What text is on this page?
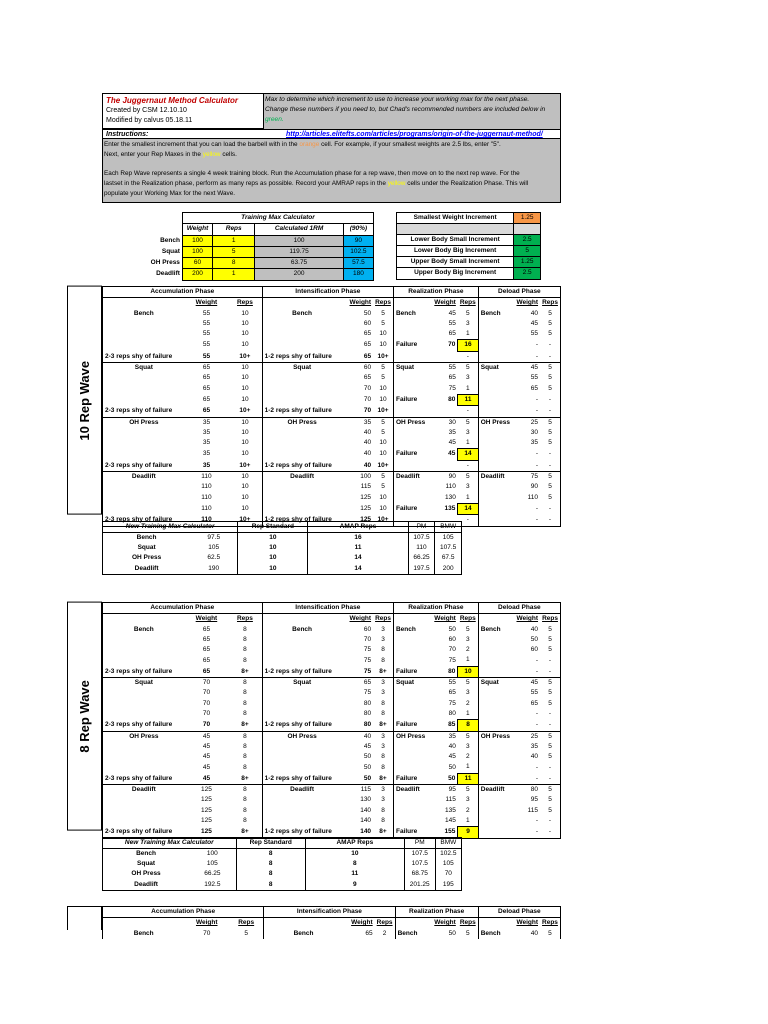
The Juggernaut Method Calculator
Created by CSM 12.10.10
Modified by calvus 05.18.11
Max to determine which increment to use to increase your working max for the next phase.
Change these numbers if you need to, but Chad's recommended numbers are included below in
green.
Instructions:	http://articles.elitefts.com/articles/programs/origin-of-the-juggernaut-method/
Enter the smallest increment that you can load the barbell with in the orange cell. For example, if your smallest weights are 2.5 lbs, enter "5".
Next, enter your Rep Maxes in the yellow cells.
Each Rep Wave represents a single 4 week training block. Run the Accumulation phase for a rep wave, then move on to the next rep wave. For the
lastset in the Realization phase, perform as many reps as possible. Record your AMRAP reps in the yellow cells under the Realization Phase. This will
populate your Working Max for the next Wave.
	Training Max Calculator			
	Weight	Reps	Calculated 1RM	(90%)
Bench	100	1	100	90
Squat	100	5	119.75	102.5
OH Press	60	8	63.75	57.5
Deadlift	200	1	200	180
Smallest Weight Increment	1.25

Lower Body Small Increment	2.5
Lower Body Big Increment	5
Upper Body Small Increment	1.25
Upper Body Big Increment	2.5
10 Rep Wave
Accumulation Phase			Intensification Phase			Realization Phase			Deload Phase		
	Weight	Reps		Weight	Reps		Weight	Reps		Weight	Reps
Bench	55	10	Bench	50	5	Bench	45	5	Bench	40	5
	55	10		60	5		55	3		45	5
	55	10		65	10		65	1		55	5
	55	10		65	10	Failure	70	16		-	-
2-3 reps shy of failure	55	10+	1-2 reps shy of failure	65	10+			-		-	-
Squat	65	10	Squat	60	5	Squat	55	5	Squat	45	5
	65	10		65	5		65	3		55	5
	65	10		70	10		75	1		65	5
	65	10		70	10	Failure	80	11		-	-
2-3 reps shy of failure	65	10+	1-2 reps shy of failure	70	10+			-		-	-
OH Press	35	10	OH Press	35	5	OH Press	30	5	OH Press	25	5
	35	10		40	5		35	3		30	5
	35	10		40	10		45	1		35	5
	35	10		40	10	Failure	45	14		-	-
2-3 reps shy of failure	35	10+	1-2 reps shy of failure	40	10+			-		-	-
Deadlift	110	10	Deadlift	100	5	Deadlift	90	5	Deadlift	75	5
	110	10		115	5		110	3		90	5
	110	10		125	10		130	1		110	5
	110	10		125	10	Failure	135	14		-	-
2-3 reps shy of failure	110	10+	1-2 reps shy of failure	125	10+			-		-	-
New Training Max Calculator		Rep Standard	AMAP Reps	PM	BMW
Bench	97.5	10	16	107.5	105
Squat	105	10	11	110	107.5
OH Press	62.5	10	14	66.25	67.5
Deadlift	190	10	14	197.5	200
8 Rep Wave
Accumulation Phase			Intensification Phase			Realization Phase			Deload Phase		
	Weight	Reps		Weight	Reps		Weight	Reps		Weight	Reps
Bench	65	8	Bench	60	3	Bench	50	5	Bench	40	5
	65	8		70	3		60	3		50	5
	65	8		75	8		70	2		60	5
	65	8		75	8		75	1		-	-
2-3 reps shy of failure	65	8+	1-2 reps shy of failure	75	8+	Failure	80	10		-	-
Squat	70	8	Squat	65	3	Squat	55	5	Squat	45	5
	70	8		75	3		65	3		55	5
	70	8		80	8		75	2		65	5
	70	8		80	8		80	1		-	-
2-3 reps shy of failure	70	8+	1-2 reps shy of failure	80	8+	Failure	85	8		-	-
OH Press	45	8	OH Press	40	3	OH Press	35	5	OH Press	25	5
	45	8		45	3		40	3		35	5
	45	8		50	8		45	2		40	5
	45	8		50	8		50	1		-	-
2-3 reps shy of failure	45	8+	1-2 reps shy of failure	50	8+	Failure	50	11		-	-
Deadlift	125	8	Deadlift	115	3	Deadlift	95	5	Deadlift	80	5
	125	8		130	3		115	3		95	5
	125	8		140	8		135	2		115	5
	125	8		140	8		145	1		-	-
2-3 reps shy of failure	125	8+	1-2 reps shy of failure	140	8+	Failure	155	9		-	-
New Training Max Calculator		Rep Standard	AMAP Reps	PM	BMW
Bench	100	8	10	107.5	102.5
Squat	105	8	8	107.5	105
OH Press	66.25	8	11	68.75	70
Deadlift	192.5	8	9	201.25	195
Accumulation Phase			Intensification Phase			Realization Phase			Deload Phase		
	Weight	Reps		Weight	Reps		Weight	Reps		Weight	Reps
Bench	70	5	Bench	65	2	Bench	50	5	Bench	40	5
